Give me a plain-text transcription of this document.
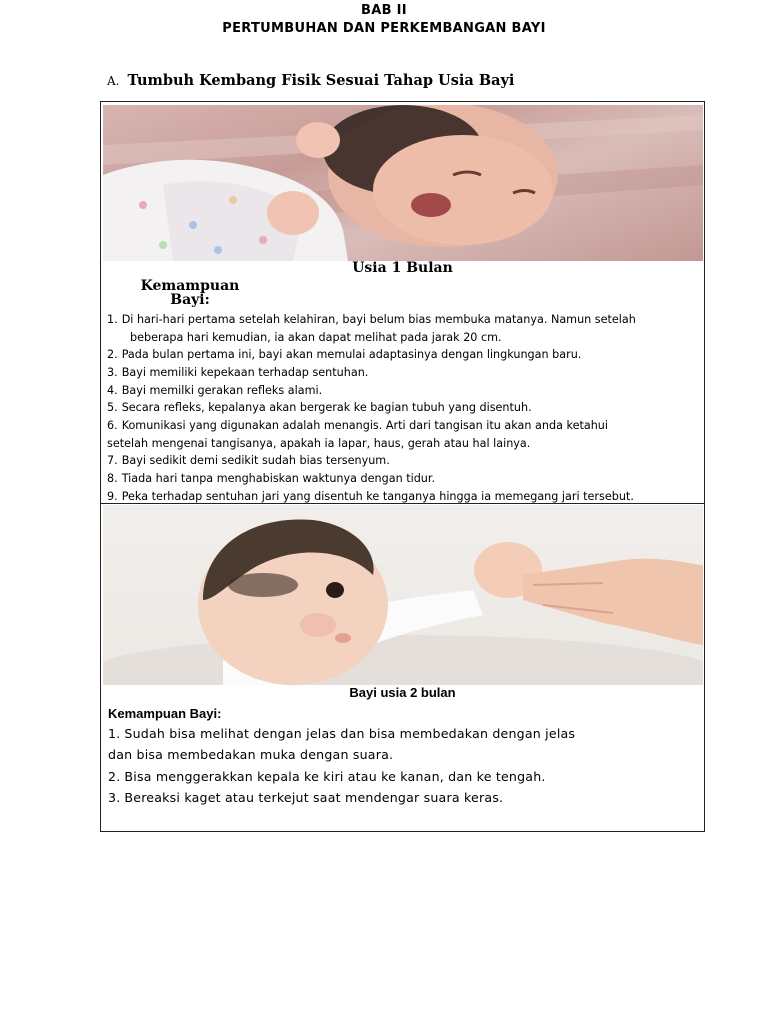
BAB II
PERTUMBUHAN DAN PERKEMBANGAN BAYI
A. Tumbuh Kembang Fisik Sesuai Tahap Usia Bayi
Usia 1 Bulan
Kemampuan
Bayi:
1. Di hari-hari pertama setelah kelahiran, bayi belum bias membuka matanya. Namun setelah
beberapa hari kemudian, ia akan dapat melihat pada jarak 20 cm.
2. Pada bulan pertama ini, bayi akan memulai adaptasinya dengan lingkungan baru.
3. Bayi memiliki kepekaan terhadap sentuhan.
4. Bayi memilki gerakan refleks alami.
5. Secara refleks, kepalanya akan bergerak ke bagian tubuh yang disentuh.
6. Komunikasi yang digunakan adalah menangis. Arti dari tangisan itu akan anda ketahui
setelah mengenai tangisanya, apakah ia lapar, haus, gerah atau hal lainya.
7. Bayi sedikit demi sedikit sudah bias tersenyum.
8. Tiada hari tanpa menghabiskan waktunya dengan tidur.
9. Peka terhadap sentuhan jari yang disentuh ke tanganya hingga ia memegang jari tersebut.
Bayi usia 2 bulan
Kemampuan Bayi:
1. Sudah bisa melihat dengan jelas dan bisa membedakan dengan jelas
dan bisa membedakan muka dengan suara.
2. Bisa menggerakkan kepala ke kiri atau ke kanan, dan ke tengah.
3. Bereaksi kaget atau terkejut saat mendengar suara keras.
